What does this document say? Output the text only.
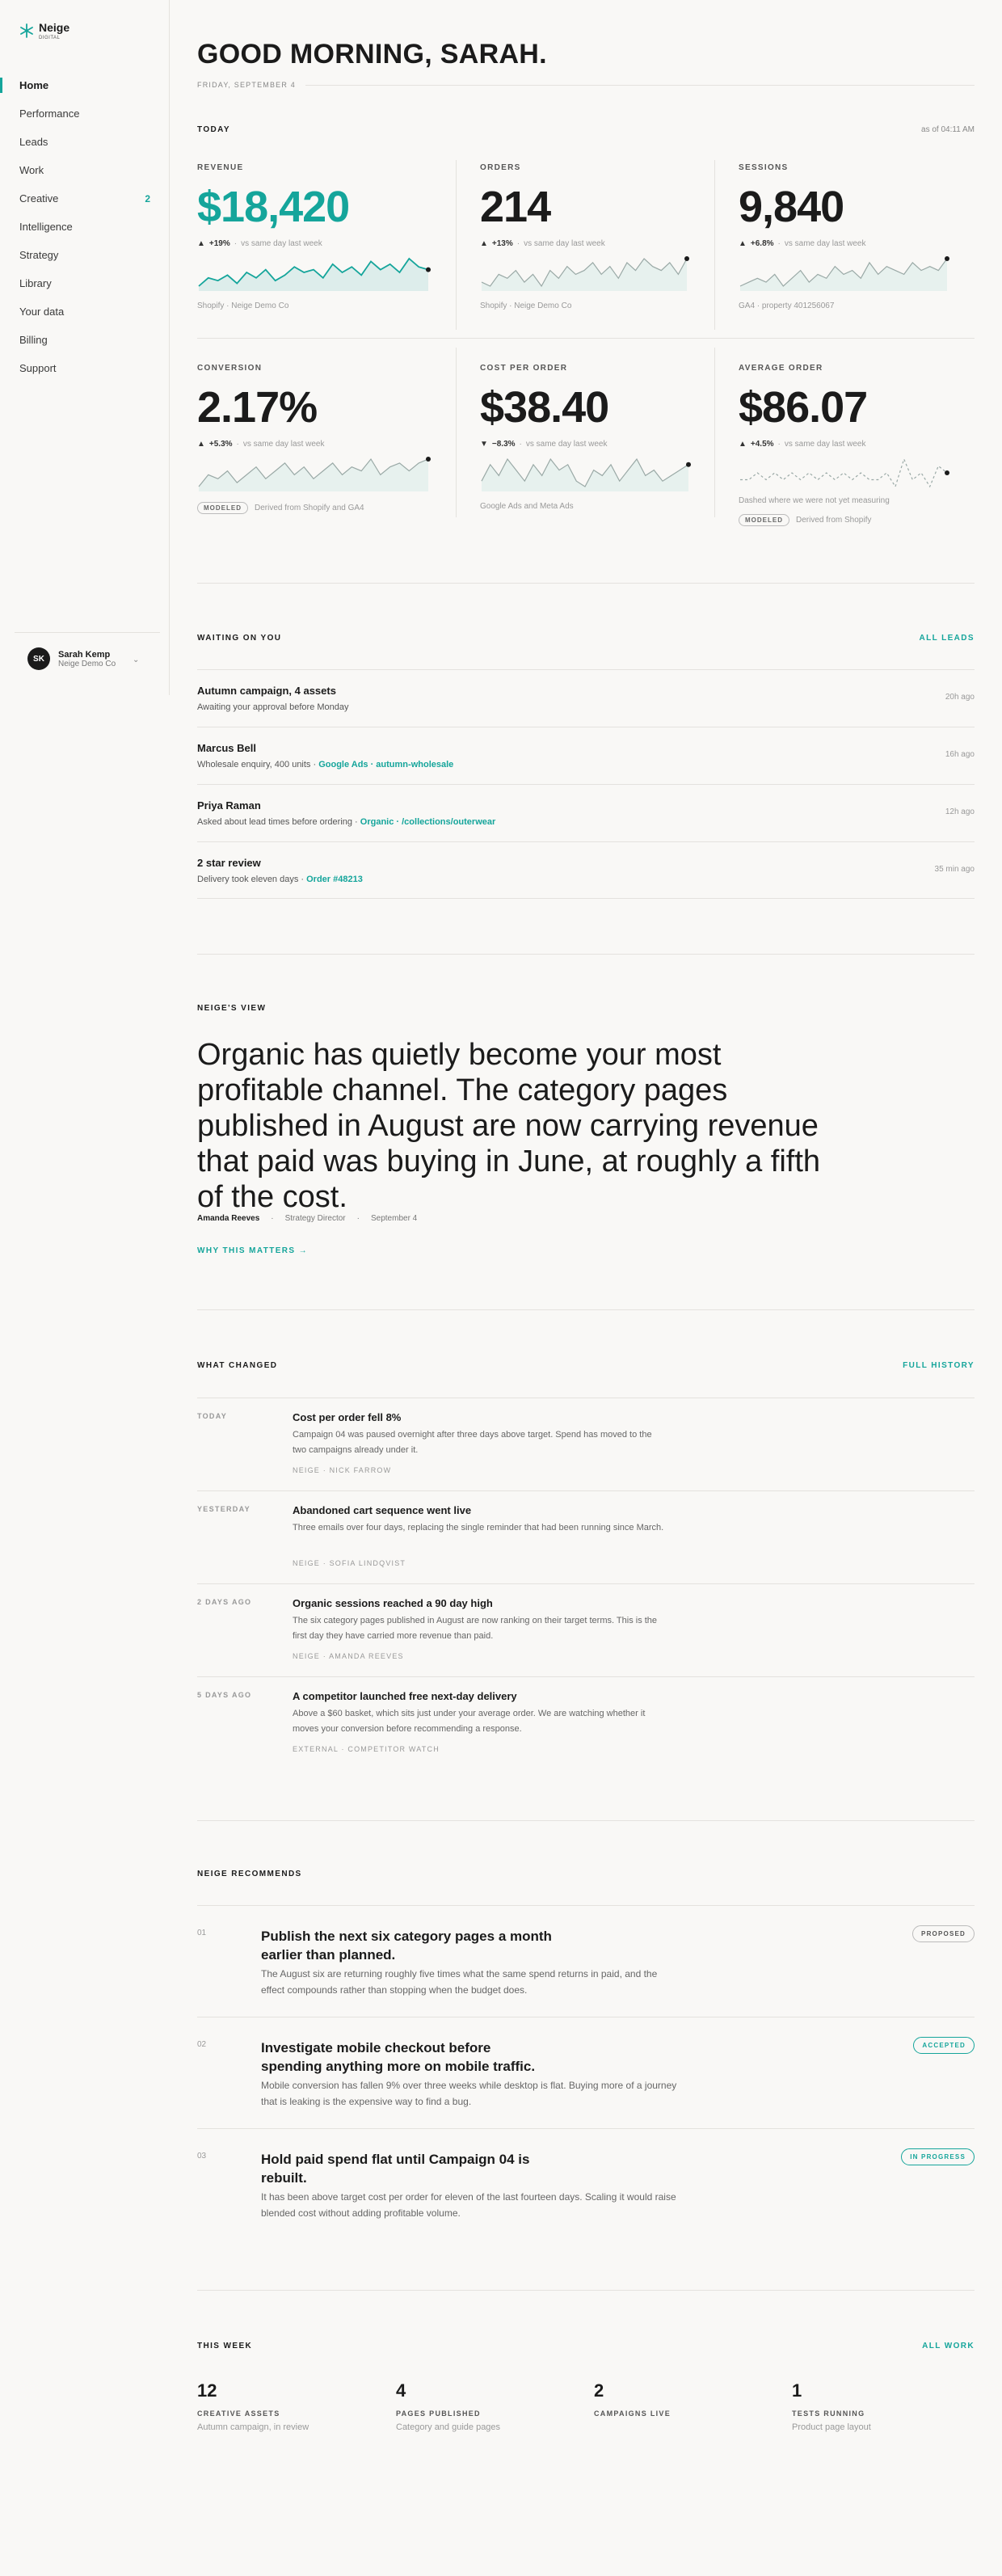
Neige
DIGITAL
Home
Performance
Leads
Work
Creative	2
Intelligence
Strategy
Library
Your data
Billing
Support
SK	Sarah Kemp
Neige Demo Co ⌄
GOOD MORNING, SARAH.
FRIDAY, SEPTEMBER 4
TODAY	as of 04:11 AM
REVENUE
$18,420
▲ +19% · vs same day last week
Shopify · Neige Demo Co
ORDERS
214
▲ +13% · vs same day last week
Shopify · Neige Demo Co
SESSIONS
9,840
▲ +6.8% · vs same day last week
GA4 · property 401256067
CONVERSION
2.17%
▲ +5.3% · vs same day last week
MODELED Derived from Shopify and GA4
COST PER ORDER
$38.40
▼ −8.3% · vs same day last week
Google Ads and Meta Ads
AVERAGE ORDER
$86.07
▲ +4.5% · vs same day last week
Dashed where we were not yet measuring
MODELED Derived from Shopify
WAITING ON YOU	ALL LEADS
Autumn campaign, 4 assets
Awaiting your approval before Monday
20h ago
Marcus Bell
Wholesale enquiry, 400 units · Google Ads · autumn-wholesale
16h ago
Priya Raman
Asked about lead times before ordering · Organic · /collections/outerwear
12h ago
2 star review
Delivery took eleven days · Order #48213
35 min ago
NEIGE'S VIEW

Organic has quietly become your most profitable channel. The category pages published in August are now carrying revenue that paid was buying in June, at roughly a fifth of the cost.

Amanda Reeves · Strategy Director · September 4
WHY THIS MATTERS →
WHAT CHANGED	FULL HISTORY
TODAY	Cost per order fell 8%
Campaign 04 was paused overnight after three days above target. Spend has moved to the two campaigns already under it.
NEIGE · NICK FARROW
YESTERDAY	Abandoned cart sequence went live
Three emails over four days, replacing the single reminder that had been running since March.
NEIGE · SOFIA LINDQVIST
2 DAYS AGO	Organic sessions reached a 90 day high
The six category pages published in August are now ranking on their target terms. This is the first day they have carried more revenue than paid.
NEIGE · AMANDA REEVES
5 DAYS AGO	A competitor launched free next-day delivery
Above a $60 basket, which sits just under your average order. We are watching whether it moves your conversion before recommending a response.
EXTERNAL · COMPETITOR WATCH
NEIGE RECOMMENDS
01	Publish the next six category pages a month earlier than planned.
The August six are returning roughly five times what the same spend returns in paid, and the effect compounds rather than stopping when the budget does.
PROPOSED
02	Investigate mobile checkout before spending anything more on mobile traffic.
Mobile conversion has fallen 9% over three weeks while desktop is flat. Buying more of a journey that is leaking is the expensive way to find a bug.
ACCEPTED
03	Hold paid spend flat until Campaign 04 is rebuilt.
It has been above target cost per order for eleven of the last fourteen days. Scaling it would raise blended cost without adding profitable volume.
IN PROGRESS
THIS WEEK	ALL WORK
12
CREATIVE ASSETS
Autumn campaign, in review
4
PAGES PUBLISHED
Category and guide pages
2
CAMPAIGNS LIVE
1
TESTS RUNNING
Product page layout
